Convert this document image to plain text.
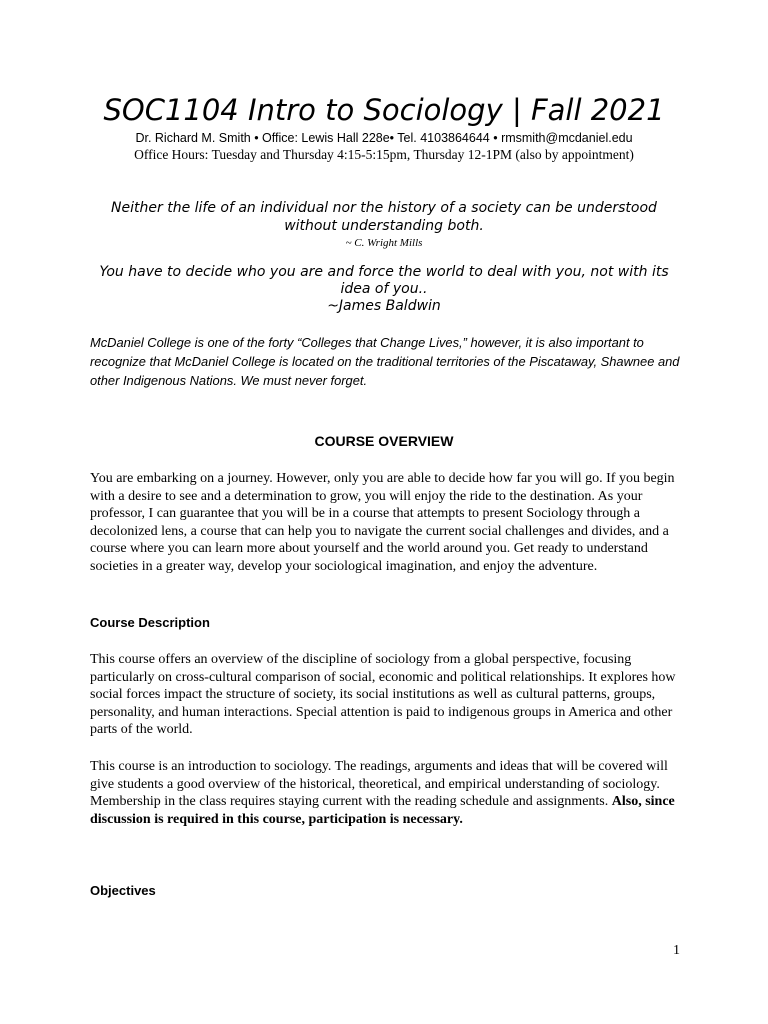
SOC1104 Intro to Sociology | Fall 2021
Dr. Richard M. Smith • Office: Lewis Hall 228e• Tel. 4103864644 • rmsmith@mcdaniel.edu
Office Hours: Tuesday and Thursday 4:15-5:15pm, Thursday 12-1PM (also by appointment)
Neither the life of an individual nor the history of a society can be understood without understanding both.
~ C. Wright Mills
You have to decide who you are and force the world to deal with you, not with its idea of you..
~James Baldwin
McDaniel College is one of the forty “Colleges that Change Lives,” however, it is also important to recognize that McDaniel College is located on the traditional territories of the Piscataway, Shawnee and other Indigenous Nations. We must never forget.
COURSE OVERVIEW
You are embarking on a journey. However, only you are able to decide how far you will go. If you begin with a desire to see and a determination to grow, you will enjoy the ride to the destination. As your professor, I can guarantee that you will be in a course that attempts to present Sociology through a decolonized lens, a course that can help you to navigate the current social challenges and divides, and a course where you can learn more about yourself and the world around you. Get ready to understand societies in a greater way, develop your sociological imagination, and enjoy the adventure.
Course Description
This course offers an overview of the discipline of sociology from a global perspective, focusing particularly on cross-cultural comparison of social, economic and political relationships. It explores how social forces impact the structure of society, its social institutions as well as cultural patterns, groups, personality, and human interactions. Special attention is paid to indigenous groups in America and other parts of the world.
This course is an introduction to sociology. The readings, arguments and ideas that will be covered will give students a good overview of the historical, theoretical, and empirical understanding of sociology. Membership in the class requires staying current with the reading schedule and assignments. Also, since discussion is required in this course, participation is necessary.
Objectives
1
